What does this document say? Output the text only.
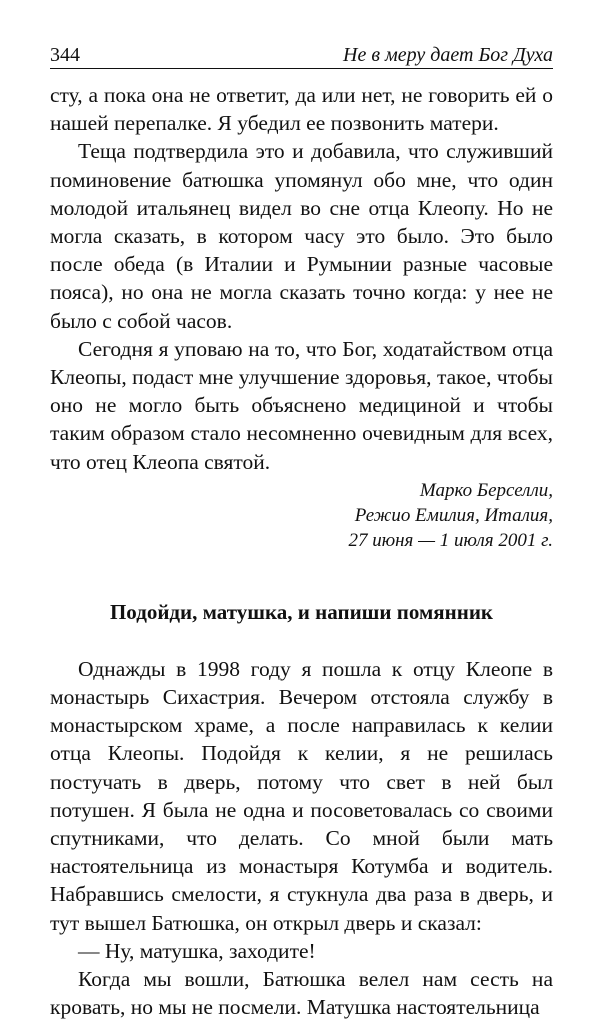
344	Не в меру дает Бог Духа

сту, а пока она не ответит, да или нет, не говорить ей о нашей перепалке. Я убедил ее позвонить матери.

Теща подтвердила это и добавила, что служивший поминовение батюшка упомянул обо мне, что один молодой итальянец видел во сне отца Клеопу. Но не могла сказать, в котором часу это было. Это было после обеда (в Италии и Румынии разные часовые пояса), но она не могла сказать точно когда: у нее не было с собой часов.

Сегодня я уповаю на то, что Бог, ходатайством отца Клеопы, подаст мне улучшение здоровья, такое, чтобы оно не могло быть объяснено медициной и чтобы таким образом стало несомненно очевидным для всех, что отец Клеопа святой.

Марко Берселли,
Режио Емилия, Италия,
27 июня — 1 июля 2001 г.
Подойди, матушка, и напиши помянник

Однажды в 1998 году я пошла к отцу Клеопе в монастырь Сихастрия. Вечером отстояла службу в монастырском храме, а после направилась к келии отца Клеопы. Подойдя к келии, я не решилась постучать в дверь, потому что свет в ней был потушен. Я была не одна и посоветовалась со своими спутниками, что делать. Со мной были мать настоятельница из монастыря Котумба и водитель. Набравшись смелости, я стукнула два раза в дверь, и тут вышел Батюшка, он открыл дверь и сказал:

— Ну, матушка, заходите!

Когда мы вошли, Батюшка велел нам сесть на кровать, но мы не посмели. Матушка настоятельница
